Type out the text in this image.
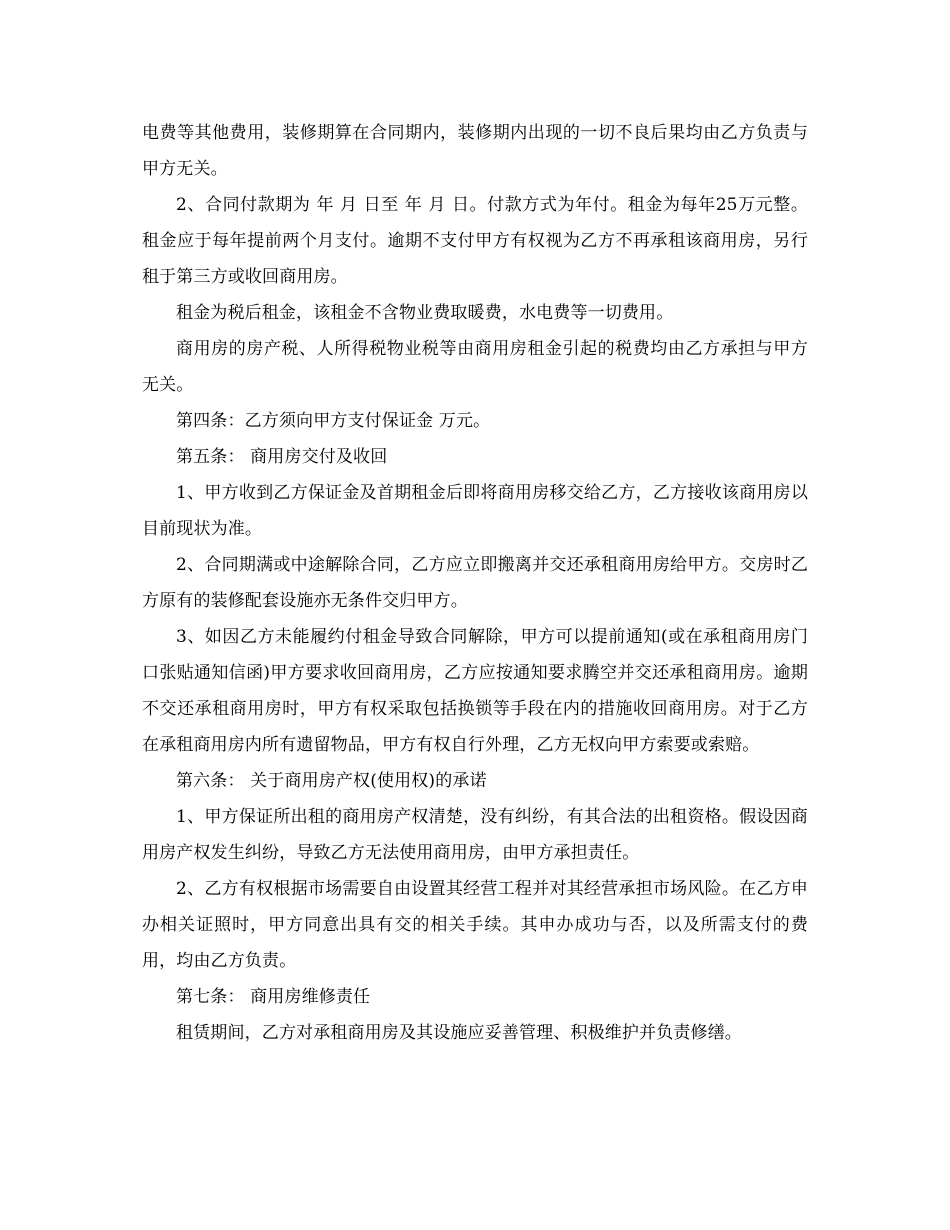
电费等其他费用，装修期算在合同期内，装修期内出现的一切不良后果均由乙方负责与甲方无关。

2、合同付款期为 年 月 日至 年 月 日。付款方式为年付。租金为每年25万元整。租金应于每年提前两个月支付。逾期不支付甲方有权视为乙方不再承租该商用房，另行租于第三方或收回商用房。

租金为税后租金，该租金不含物业费取暖费，水电费等一切费用。

商用房的房产税、人所得税物业税等由商用房租金引起的税费均由乙方承担与甲方无关。

第四条：乙方须向甲方支付保证金 万元。

第五条： 商用房交付及收回

1、甲方收到乙方保证金及首期租金后即将商用房移交给乙方，乙方接收该商用房以目前现状为准。

2、合同期满或中途解除合同，乙方应立即搬离并交还承租商用房给甲方。交房时乙方原有的装修配套设施亦无条件交归甲方。

3、如因乙方未能履约付租金导致合同解除，甲方可以提前通知(或在承租商用房门口张贴通知信函)甲方要求收回商用房，乙方应按通知要求腾空并交还承租商用房。逾期不交还承租商用房时，甲方有权采取包括换锁等手段在内的措施收回商用房。对于乙方在承租商用房内所有遗留物品，甲方有权自行外理，乙方无权向甲方索要或索赔。

第六条： 关于商用房产权(使用权)的承诺

1、甲方保证所出租的商用房产权清楚，没有纠纷，有其合法的出租资格。假设因商用房产权发生纠纷，导致乙方无法使用商用房，由甲方承担责任。

2、乙方有权根据市场需要自由设置其经营工程并对其经营承担市场风险。在乙方申办相关证照时，甲方同意出具有交的相关手续。其申办成功与否，以及所需支付的费用，均由乙方负责。

第七条： 商用房维修责任

租赁期间，乙方对承租商用房及其设施应妥善管理、积极维护并负责修缮。
